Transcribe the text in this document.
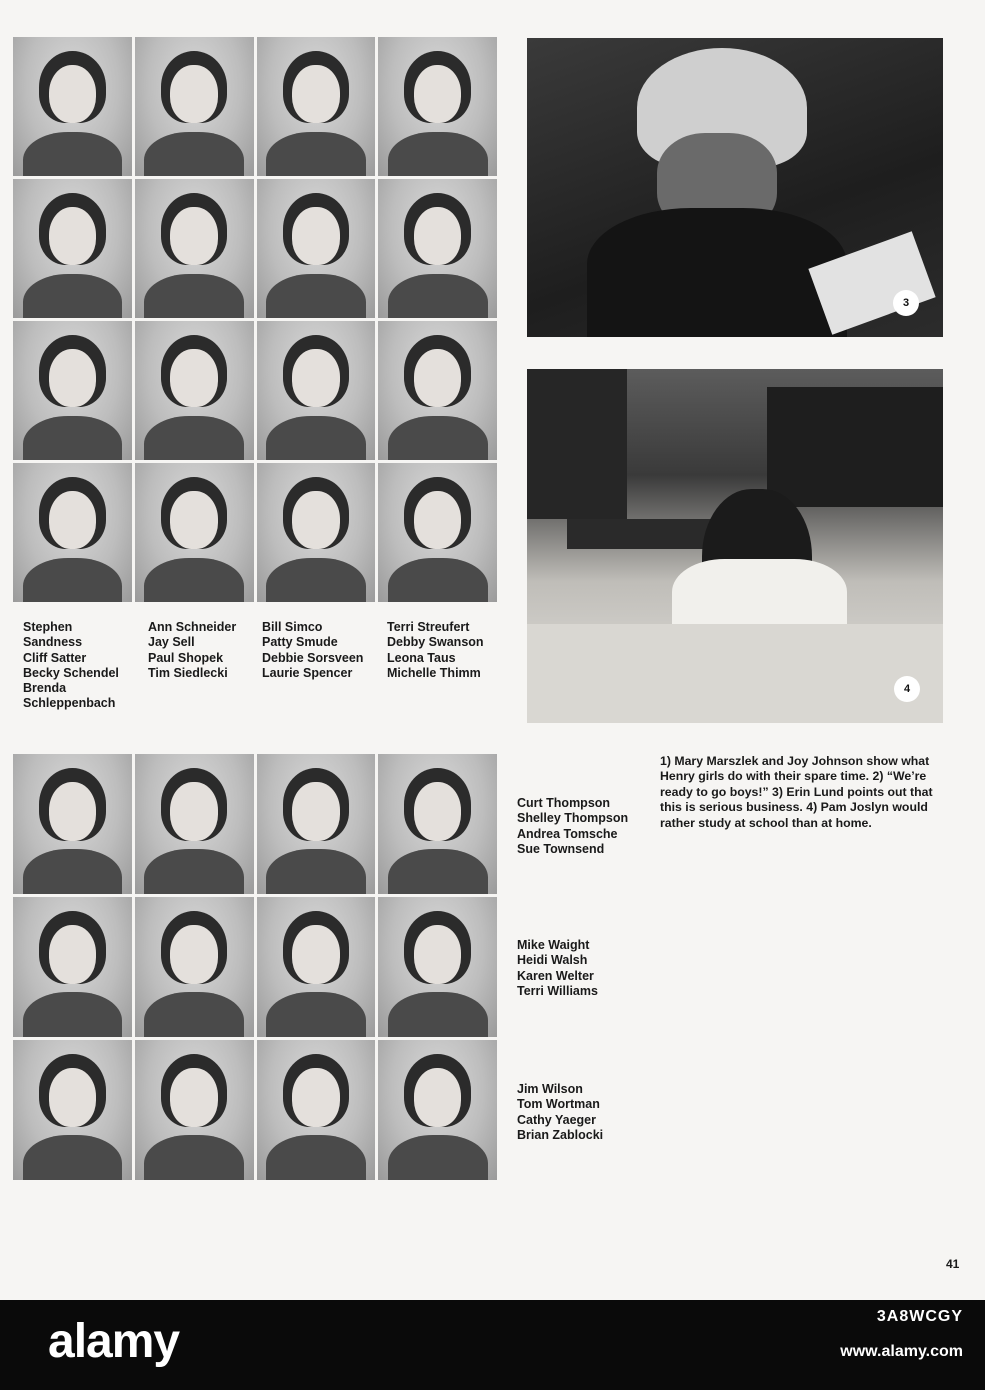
Stephen
Sandness
Cliff Satter
Becky Schendel
Brenda
Schleppenbach
Ann Schneider
Jay Sell
Paul Shopek
Tim Siedlecki
Bill Simco
Patty Smude
Debbie Sorsveen
Laurie Spencer
Terri Streufert
Debby Swanson
Leona Taus
Michelle Thimm
3
4
Curt Thompson
Shelley Thompson
Andrea Tomsche
Sue Townsend
Mike Waight
Heidi Walsh
Karen Welter
Terri Williams
Jim Wilson
Tom Wortman
Cathy Yaeger
Brian Zablocki
1) Mary Marszlek and Joy Johnson show what Henry girls do with their spare time. 2) “We’re ready to go boys!” 3) Erin Lund points out that this is serious business. 4) Pam Joslyn would rather study at school than at home.
41
alamy	3A8WCGY
www.alamy.com
